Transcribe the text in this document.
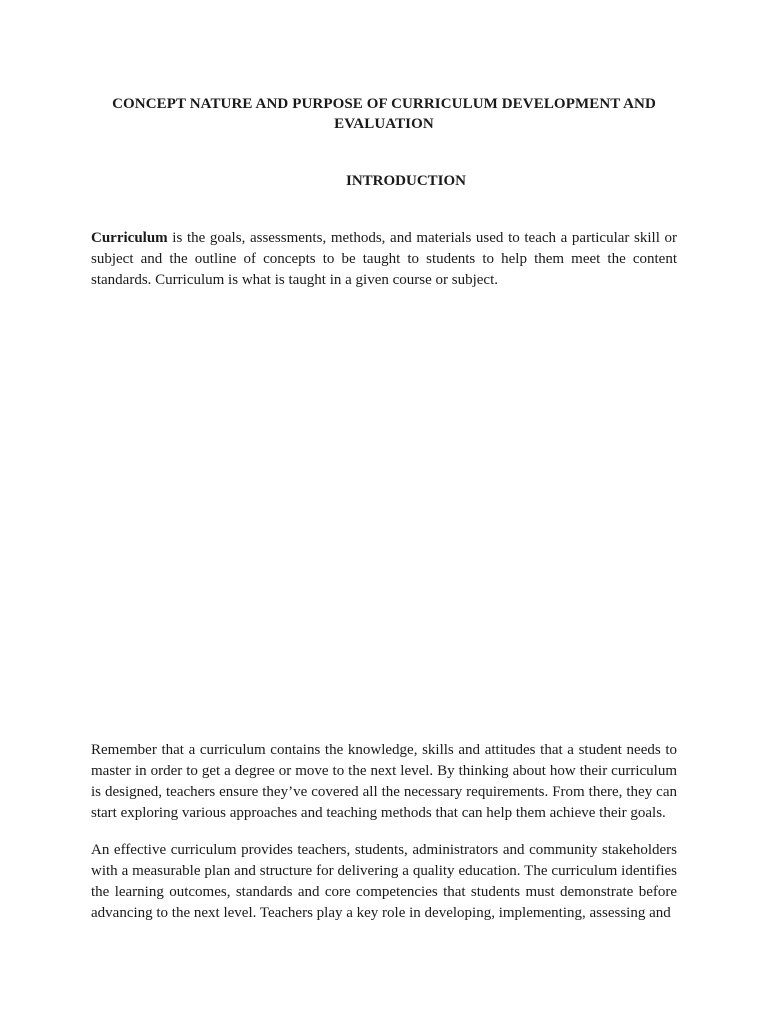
CONCEPT NATURE AND PURPOSE OF CURRICULUM DEVELOPMENT AND EVALUATION
INTRODUCTION

Curriculum is the goals, assessments, methods, and materials used to teach a particular skill or subject and the outline of concepts to be taught to students to help them meet the content standards. Curriculum is what is taught in a given course or subject.

Remember that a curriculum contains the knowledge, skills and attitudes that a student needs to master in order to get a degree or move to the next level. By thinking about how their curriculum is designed, teachers ensure they’ve covered all the necessary requirements. From there, they can start exploring various approaches and teaching methods that can help them achieve their goals.

An effective curriculum provides teachers, students, administrators and community stakeholders with a measurable plan and structure for delivering a quality education. The curriculum identifies the learning outcomes, standards and core competencies that students must demonstrate before advancing to the next level. Teachers play a key role in developing, implementing, assessing and
